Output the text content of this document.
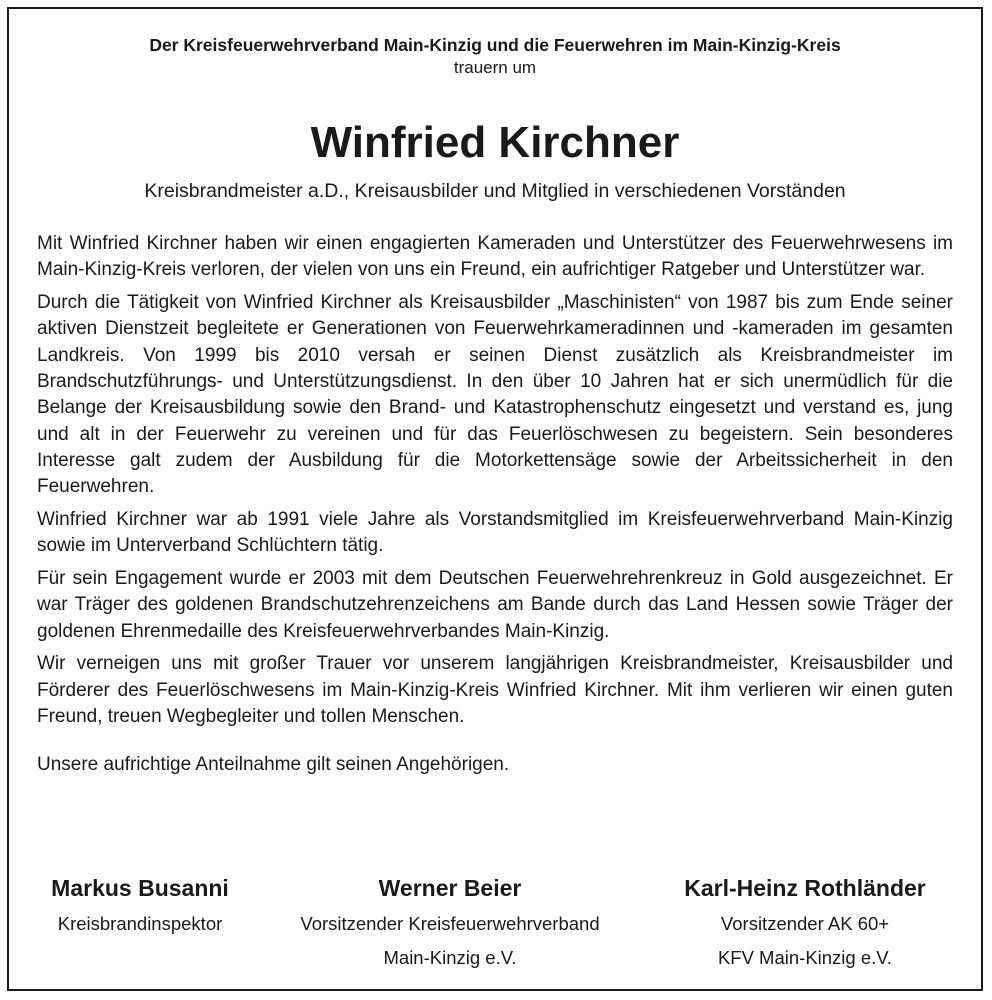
Der Kreisfeuerwehrverband Main-Kinzig und die Feuerwehren im Main-Kinzig-Kreis
trauern um
Winfried Kirchner
Kreisbrandmeister a.D., Kreisausbilder und Mitglied in verschiedenen Vorständen

Mit Winfried Kirchner haben wir einen engagierten Kameraden und Unterstützer des Feuerwehrwesens im Main-Kinzig-Kreis verloren, der vielen von uns ein Freund, ein aufrichtiger Ratgeber und Unterstützer war.

Durch die Tätigkeit von Winfried Kirchner als Kreisausbilder „Maschinisten“ von 1987 bis zum Ende seiner aktiven Dienstzeit begleitete er Generationen von Feuerwehrkameradinnen und -kameraden im gesamten Landkreis. Von 1999 bis 2010 versah er seinen Dienst zusätzlich als Kreisbrandmeister im Brandschutzführungs- und Unterstützungsdienst. In den über 10 Jahren hat er sich unermüdlich für die Belange der Kreisausbildung sowie den Brand- und Katastrophenschutz eingesetzt und verstand es, jung und alt in der Feuerwehr zu vereinen und für das Feuerlöschwesen zu begeistern. Sein besonderes Interesse galt zudem der Ausbildung für die Motorkettensäge sowie der Arbeitssicherheit in den Feuerwehren.

Winfried Kirchner war ab 1991 viele Jahre als Vorstandsmitglied im Kreisfeuerwehrverband Main-Kinzig sowie im Unterverband Schlüchtern tätig.

Für sein Engagement wurde er 2003 mit dem Deutschen Feuerwehrehrenkreuz in Gold ausgezeichnet. Er war Träger des goldenen Brandschutzehrenzeichens am Bande durch das Land Hessen sowie Träger der goldenen Ehrenmedaille des Kreisfeuerwehrverbandes Main-Kinzig.

Wir verneigen uns mit großer Trauer vor unserem langjährigen Kreisbrandmeister, Kreisausbilder und Förderer des Feuerlöschwesens im Main-Kinzig-Kreis Winfried Kirchner. Mit ihm verlieren wir einen guten Freund, treuen Wegbegleiter und tollen Menschen.

Unsere aufrichtige Anteilnahme gilt seinen Angehörigen.

Markus Busanni
Kreisbrandinspektor
Werner Beier
Vorsitzender Kreisfeuerwehrverband
Main-Kinzig e.V.
Karl-Heinz Rothländer
Vorsitzender AK 60+
KFV Main-Kinzig e.V.
